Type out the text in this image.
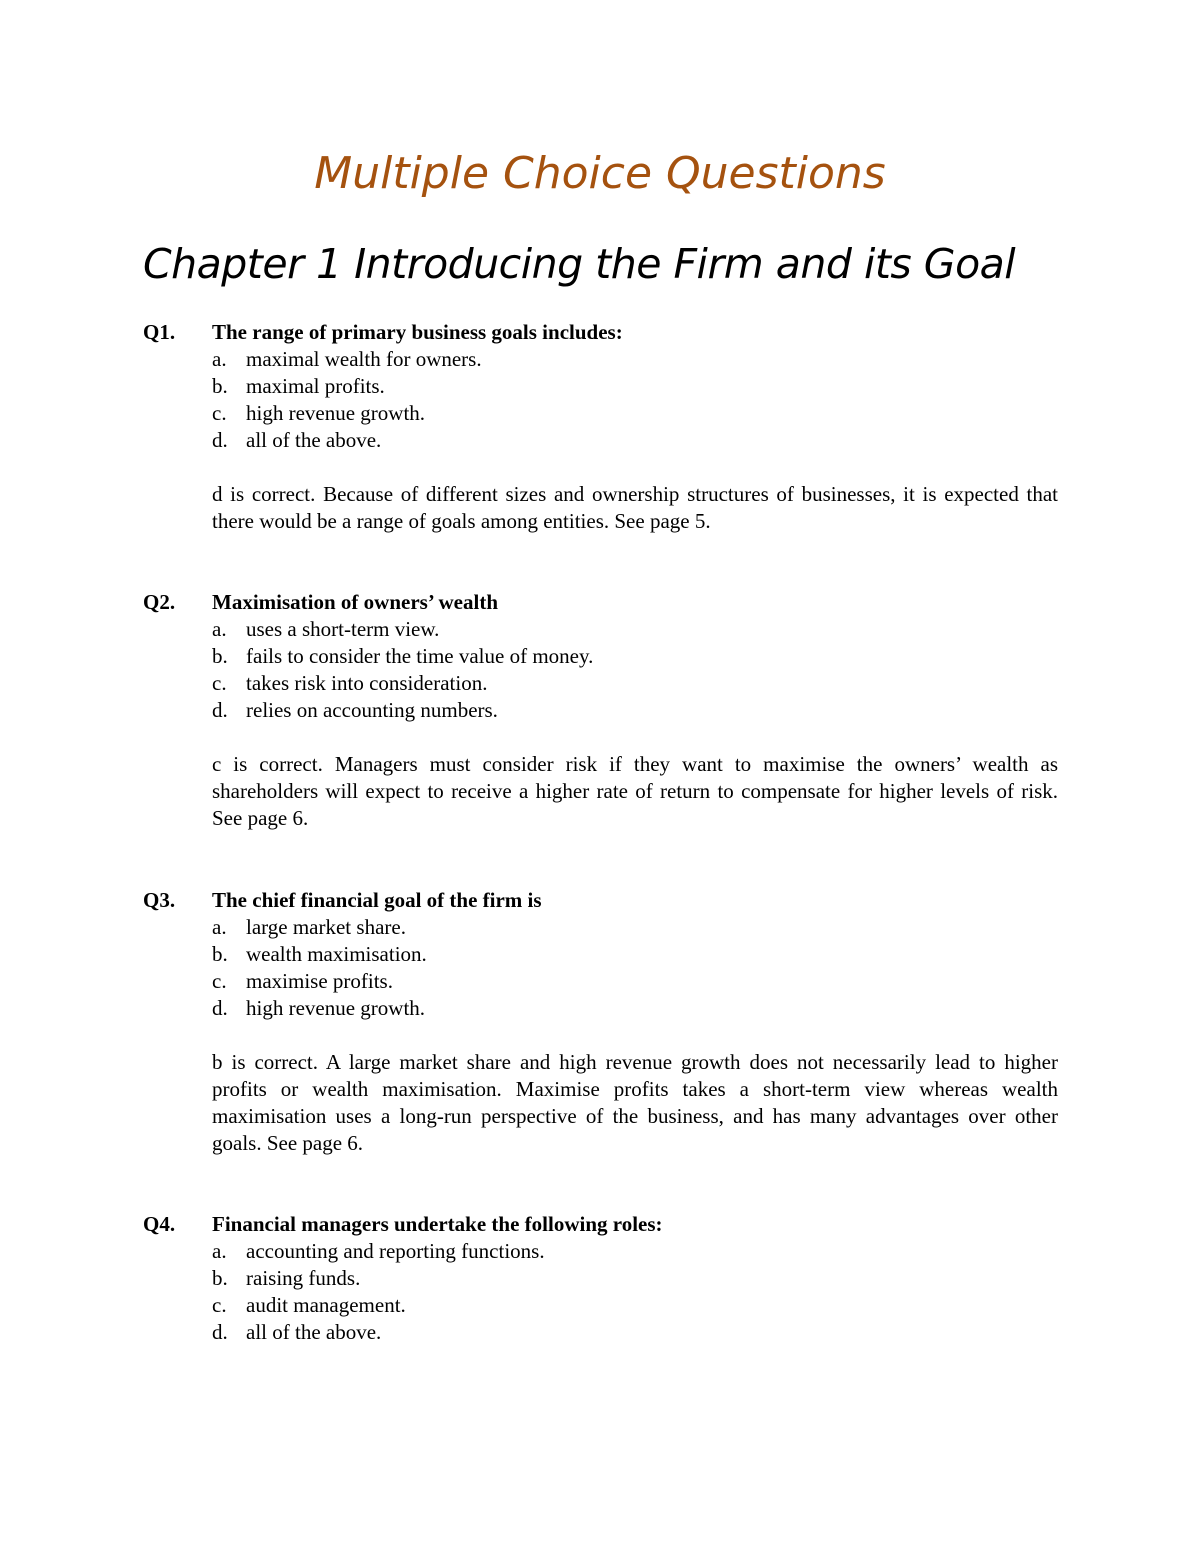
Multiple Choice Questions
Chapter 1 Introducing the Firm and its Goal
Q1.	The range of primary business goals includes:
a. maximal wealth for owners.
b. maximal profits.
c. high revenue growth.
d. all of the above.

d is correct. Because of different sizes and ownership structures of businesses, it is expected that there would be a range of goals among entities. See page 5.

Q2.	Maximisation of owners’ wealth
a. uses a short-term view.
b. fails to consider the time value of money.
c. takes risk into consideration.
d. relies on accounting numbers.

c is correct. Managers must consider risk if they want to maximise the owners’ wealth as shareholders will expect to receive a higher rate of return to compensate for higher levels of risk. See page 6.

Q3.	The chief financial goal of the firm is
a. large market share.
b. wealth maximisation.
c. maximise profits.
d. high revenue growth.

b is correct. A large market share and high revenue growth does not necessarily lead to higher profits or wealth maximisation. Maximise profits takes a short-term view whereas wealth maximisation uses a long-run perspective of the business, and has many advantages over other goals. See page 6.

Q4.	Financial managers undertake the following roles:
a. accounting and reporting functions.
b. raising funds.
c. audit management.
d. all of the above.
